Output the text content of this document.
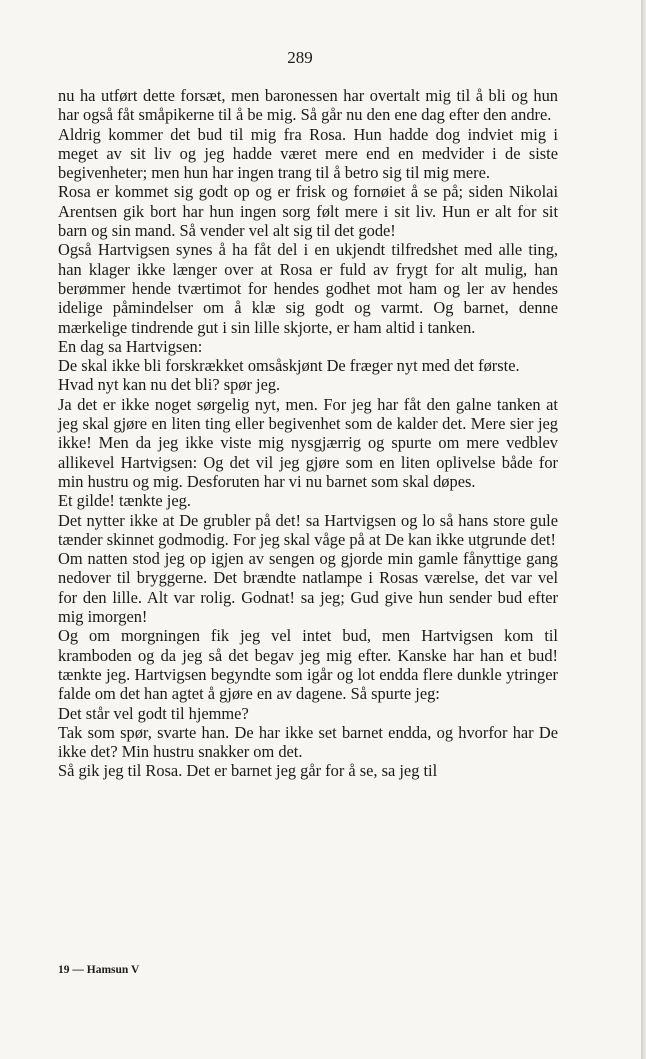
289

nu ha utført dette forsæt, men baronessen har overtalt mig til å bli og hun har også fåt småpikerne til å be mig. Så går nu den ene dag efter den andre.

Aldrig kommer det bud til mig fra Rosa. Hun hadde dog indviet mig i meget av sit liv og jeg hadde været mere end en medvider i de siste begivenheter; men hun har ingen trang til å betro sig til mig mere.

Rosa er kommet sig godt op og er frisk og fornøiet å se på; siden Nikolai Arentsen gik bort har hun ingen sorg følt mere i sit liv. Hun er alt for sit barn og sin mand. Så vender vel alt sig til det gode!

Også Hartvigsen synes å ha fåt del i en ukjendt tilfredshet med alle ting, han klager ikke længer over at Rosa er fuld av frygt for alt mulig, han berømmer hende tværtimot for hendes godhet mot ham og ler av hendes idelige påmindelser om å klæ sig godt og varmt. Og barnet, denne mærkelige tindrende gut i sin lille skjorte, er ham altid i tanken.

En dag sa Hartvigsen:

De skal ikke bli forskrækket omsåskjønt De fræger nyt med det første.

Hvad nyt kan nu det bli? spør jeg.

Ja det er ikke noget sørgelig nyt, men. For jeg har fåt den galne tanken at jeg skal gjøre en liten ting eller begivenhet som de kalder det. Mere sier jeg ikke! Men da jeg ikke viste mig nysgjærrig og spurte om mere vedblev allikevel Hartvigsen: Og det vil jeg gjøre som en liten oplivelse både for min hustru og mig. Desforuten har vi nu barnet som skal døpes.

Et gilde! tænkte jeg.

Det nytter ikke at De grubler på det! sa Hartvigsen og lo så hans store gule tænder skinnet godmodig. For jeg skal våge på at De kan ikke utgrunde det!

Om natten stod jeg op igjen av sengen og gjorde min gamle fånyttige gang nedover til bryggerne. Det brændte natlampe i Rosas værelse, det var vel for den lille. Alt var rolig. Godnat! sa jeg; Gud give hun sender bud efter mig imorgen!

Og om morgningen fik jeg vel intet bud, men Hartvigsen kom til krambоden og da jeg så det begav jeg mig efter. Kanske har han et bud! tænkte jeg. Hartvigsen begyndte som igår og lot endda flere dunkle ytringer falde om det han agtet å gjøre en av dagene. Så spurte jeg:

Det står vel godt til hjemme?

Tak som spør, svarte han. De har ikke set barnet endda, og hvorfor har De ikke det? Min hustru snakker om det.

Så gik jeg til Rosa. Det er barnet jeg går for å se, sa jeg til

19 — Hamsun V
